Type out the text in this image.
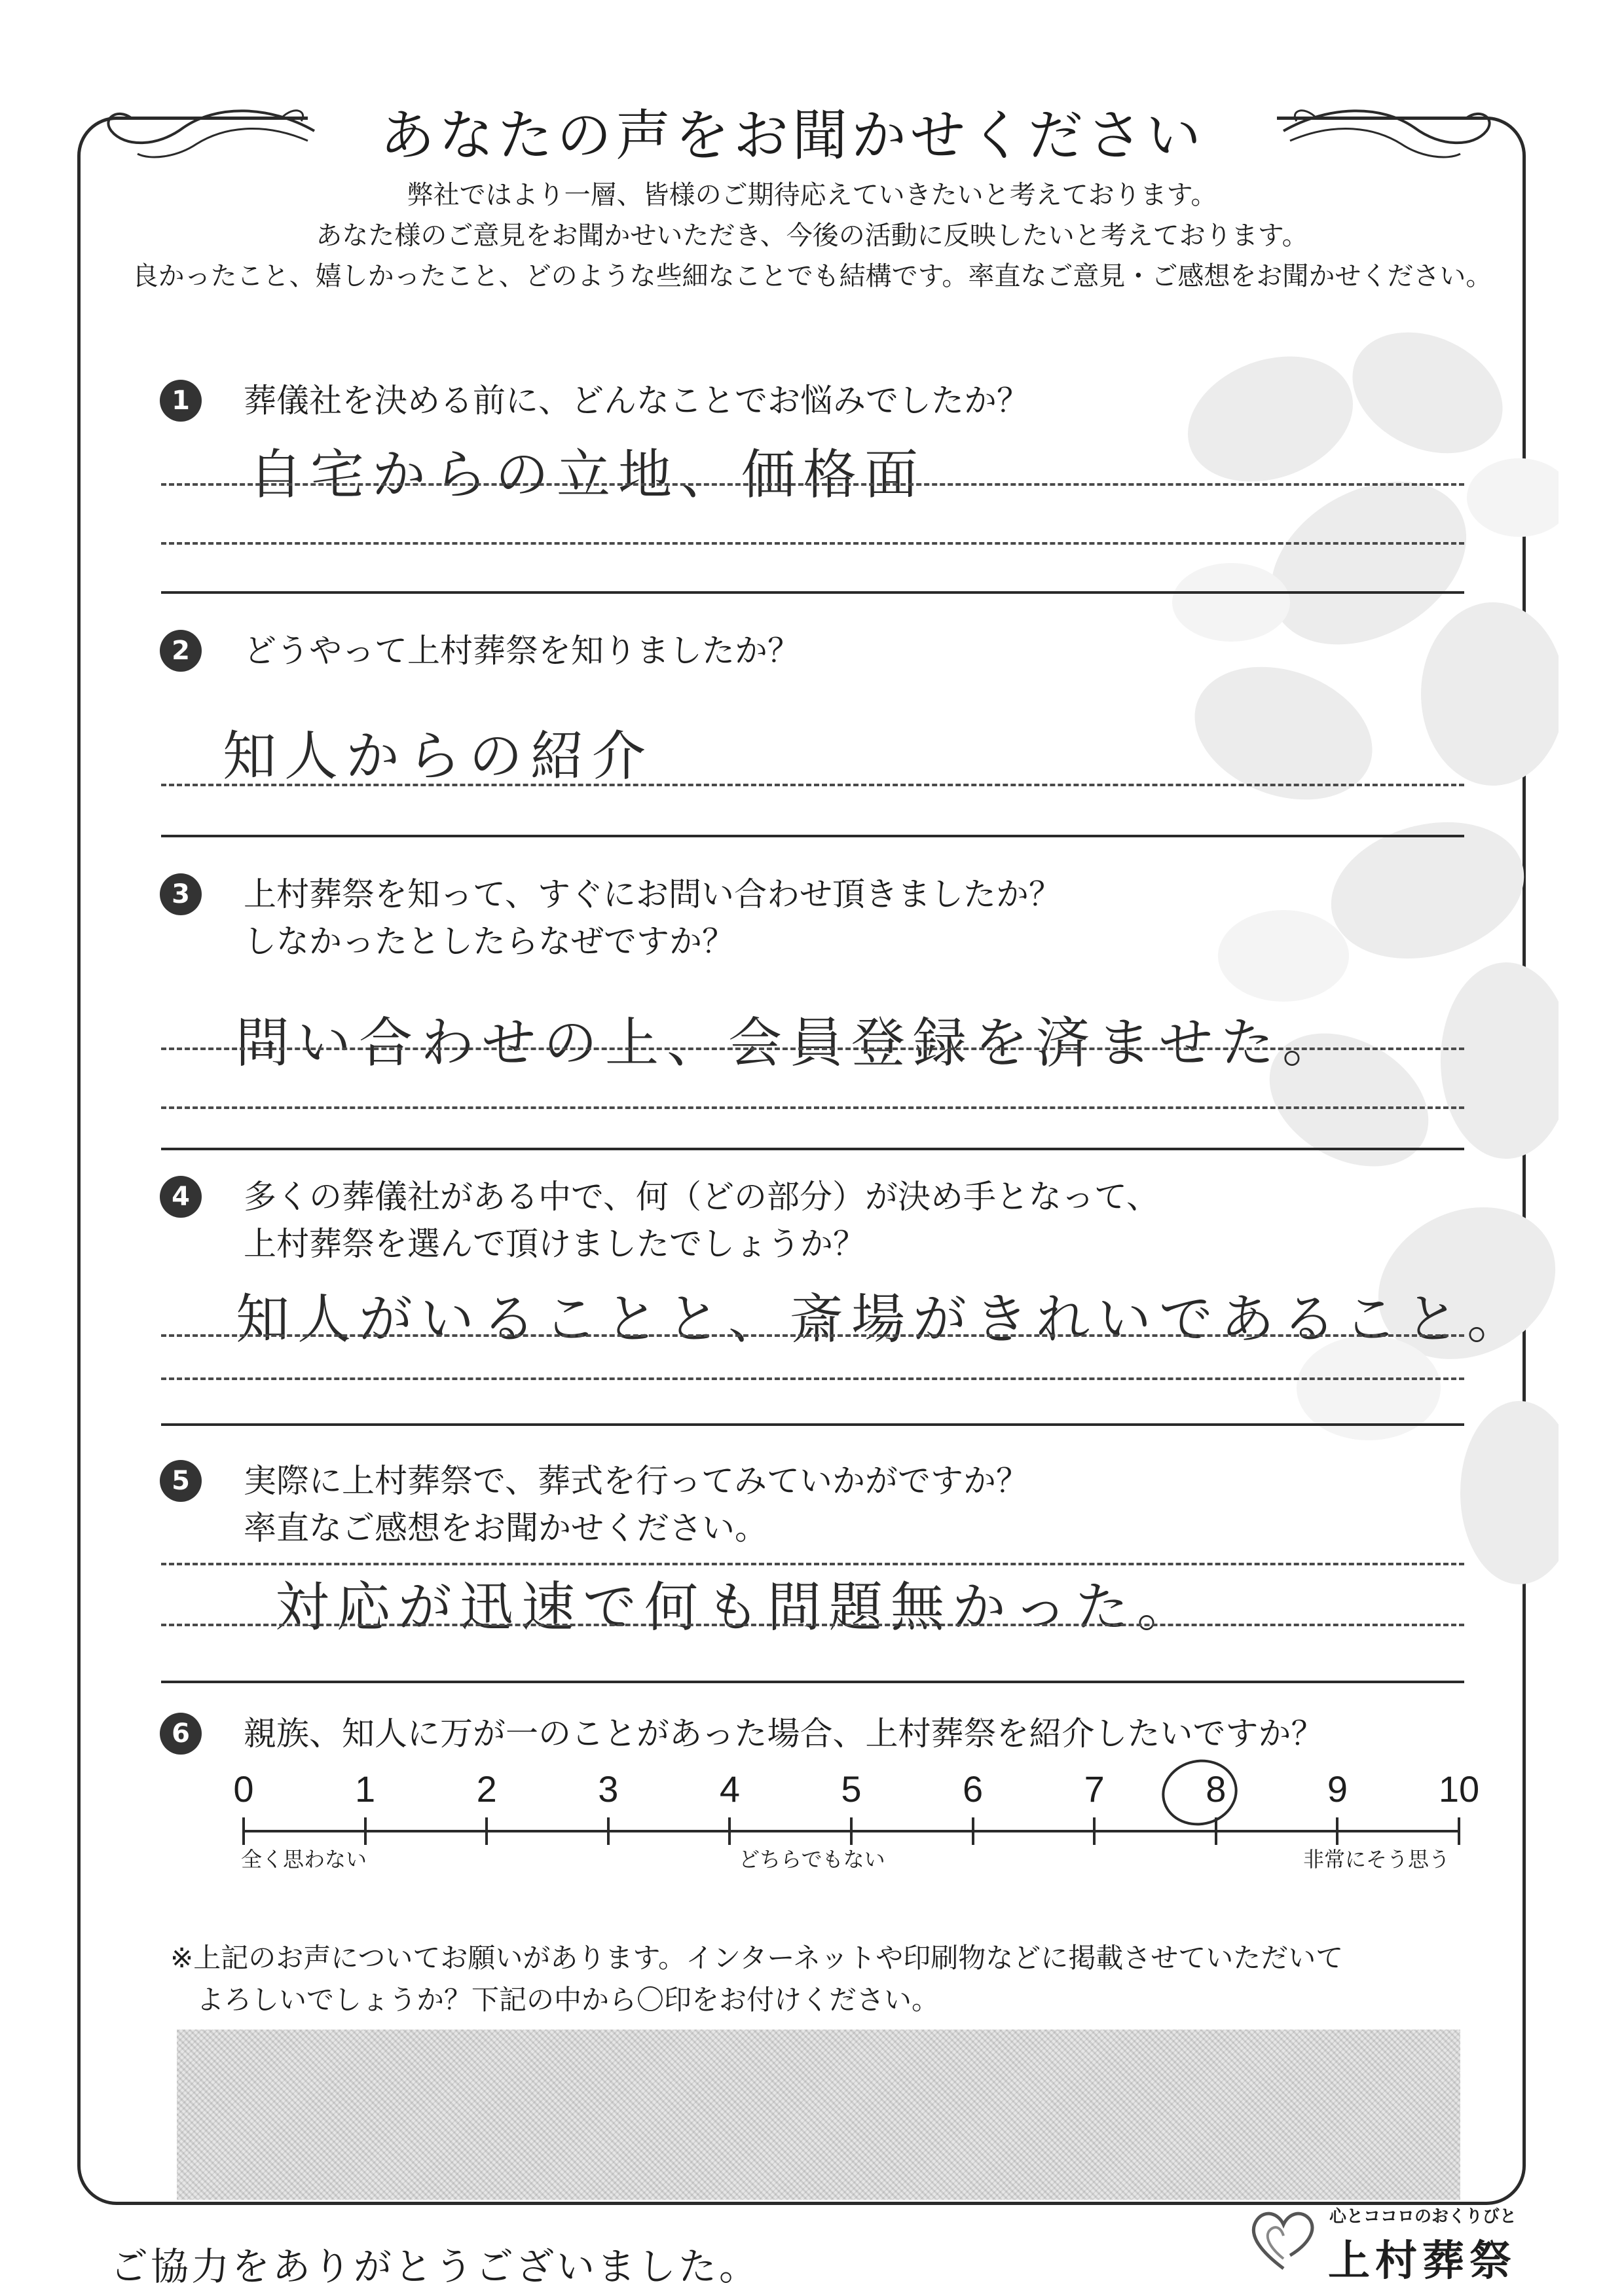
あなたの声をお聞かせください
弊社ではより一層、皆様のご期待応えていきたいと考えております。
あなた様のご意見をお聞かせいただき、今後の活動に反映したいと考えております。
良かったこと、嬉しかったこと、どのような些細なことでも結構です。率直なご意見・ご感想をお聞かせください。
1	葬儀社を決める前に、どんなことでお悩みでしたか？
自宅からの立地、価格面
2	どうやって上村葬祭を知りましたか？
知人からの紹介
3	上村葬祭を知って、すぐにお問い合わせ頂きましたか？
しなかったとしたらなぜですか？
問い合わせの上、会員登録を済ませた。
4	多くの葬儀社がある中で、何（どの部分）が決め手となって、
上村葬祭を選んで頂けましたでしょうか？
知人がいることと、斎場がきれいであること。
5	実際に上村葬祭で、葬式を行ってみていかがですか？
率直なご感想をお聞かせください。
対応が迅速で何も問題無かった。
6	親族、知人に万が一のことがあった場合、上村葬祭を紹介したいですか？
0	1	2	3	4	5	6	7	8	9	10
全く思わない	どちらでもない	非常にそう思う
※上記のお声についてお願いがあります。インターネットや印刷物などに掲載させていただいて
よろしいでしょうか？下記の中から〇印をお付けください。
ご協力をありがとうございました。
心とココロのおくりびと
上村葬祭
